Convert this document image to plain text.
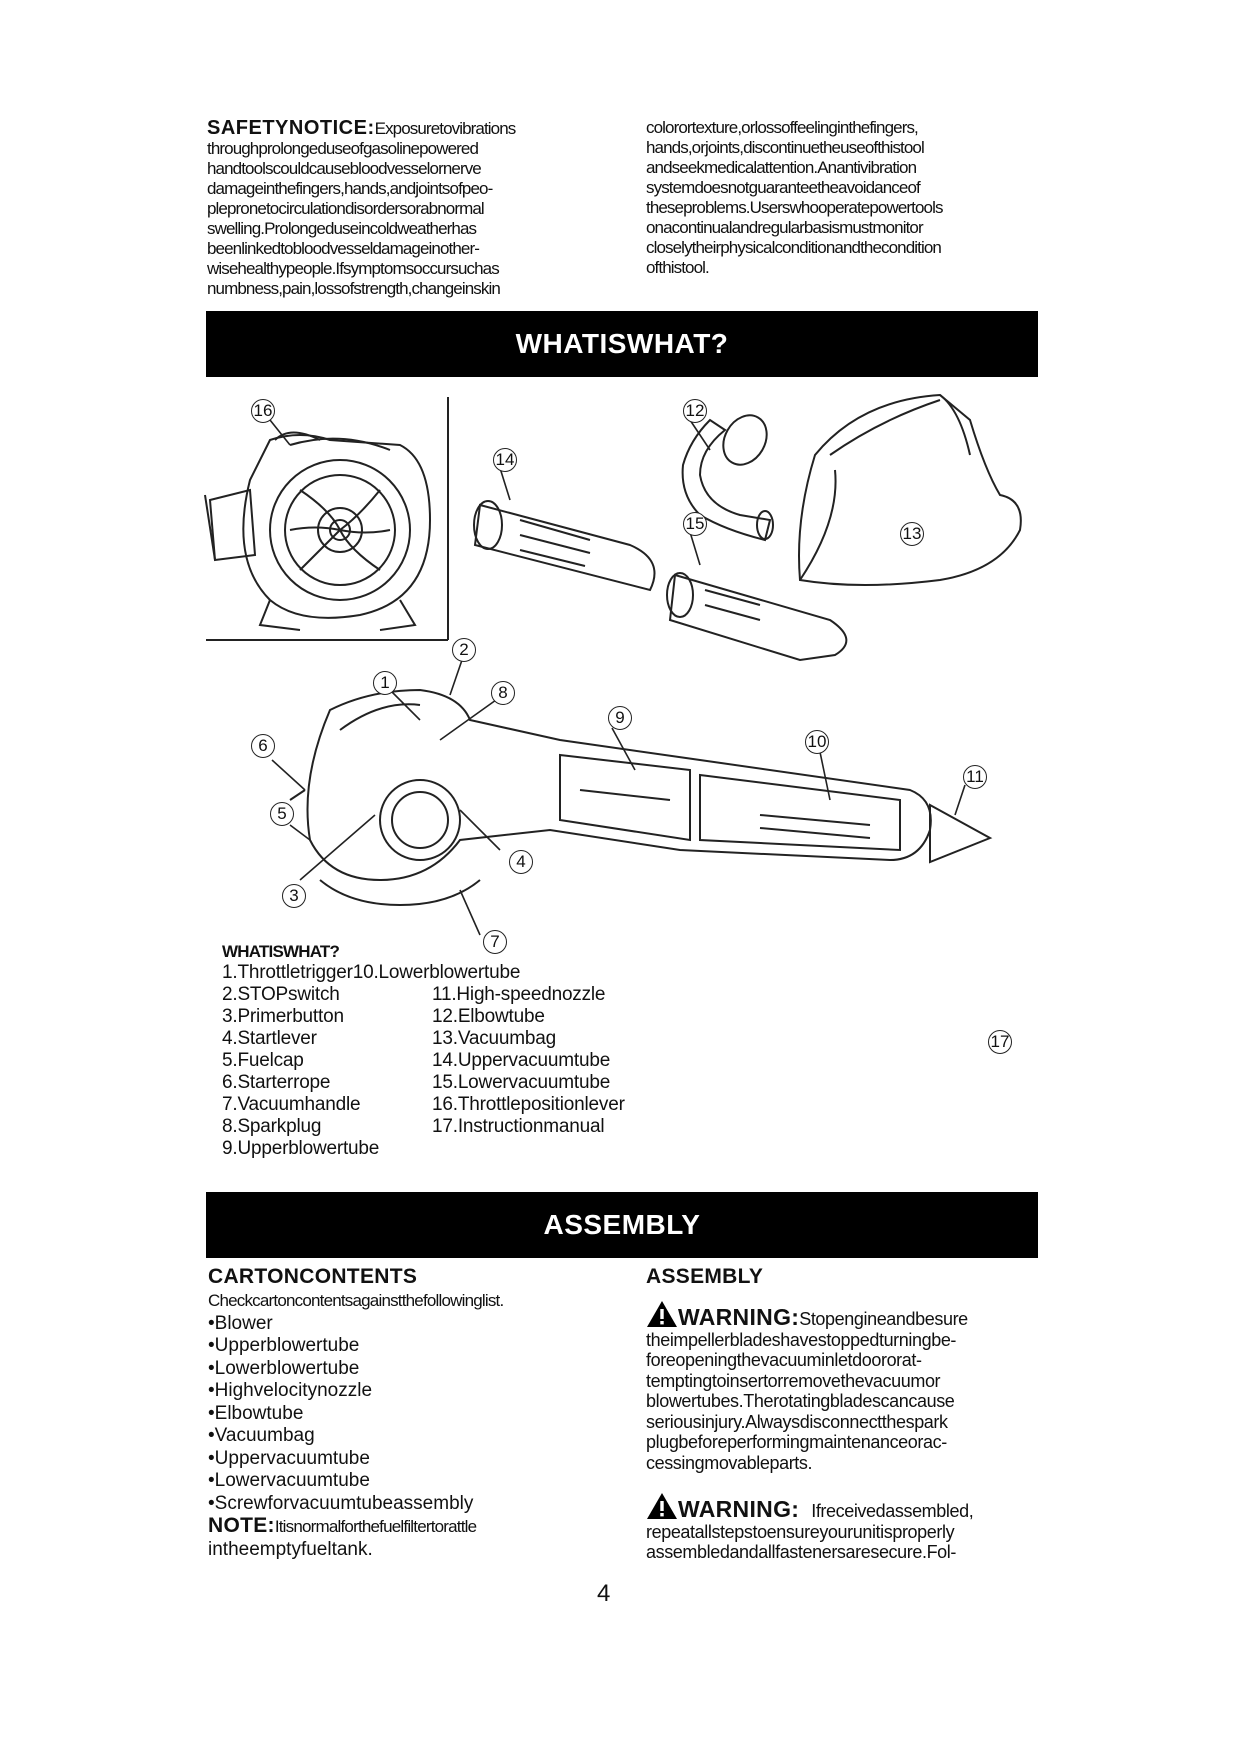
SAFETYNOTICE:Exposuretovibrations
throughprolongeduseofgasolinepowered
handtoolscouldcausebloodvesselornerve
damageinthefingers,hands,andjointsofpeo-
plepronetocirculationdisordersorabnormal
swelling.Prolongeduseincoldweatherhas
beenlinkedtobloodvesseldamageinother-
wisehealthypeople.Ifsymptomsoccursuchas
numbness,pain,lossofstrength,changeinskin
colorortexture,orlossoffeelinginthefingers,
hands,orjoints,discontinuetheuseofthistool
andseekmedicalattention.Anantivibration
systemdoesnotguaranteetheavoidanceof
theseproblems.Userswhooperatepowertools
onacontinualandregularbasismustmonitor
closelytheirphysicalconditionandthecondition
ofthistool.
WHATISWHAT?
16
14
12
15
13
2
1
8
9
6	10
11
5
4
3
7
17
WHATISWHAT?
1.Throttletrigger10.Lowerblowertube
2.STOPswitch
3.Primerbutton
4.Startlever
5.Fuelcap
6.Starterrope
7.Vacuumhandle
8.Sparkplug
9.Upperblowertube
11.High-speednozzle
12.Elbowtube
13.Vacuumbag
14.Uppervacuumtube
15.Lowervacuumtube
16.Throttlepositionlever
17.Instructionmanual
ASSEMBLY
CARTONCONTENTS
Checkcartoncontentsagainstthefollowinglist.
•Blower
•Upperblowertube
•Lowerblowertube
•Highvelocitynozzle
•Elbowtube
•Vacuumbag
•Uppervacuumtube
•Lowervacuumtube
•Screwforvacuumtubeassembly
NOTE:Itisnormalforthefuelfiltertorattle
intheemptyfueltank.
ASSEMBLY
WARNING:Stopengineandbesure
theimpellerbladeshavestoppedturningbe-
foreopeningthevacuuminletdoororat-
temptingtoinsertorremovethevacuumor
blowertubes.Therotatingbladescancause
seriousinjury.Alwaysdisconnectthespark
plugbeforeperformingmaintenanceorac-
cessingmovableparts.
WARNING: Ifreceivedassembled,
repeatallstepstoensureyourunitisproperly
assembledandallfastenersaresecure.Fol-
4
